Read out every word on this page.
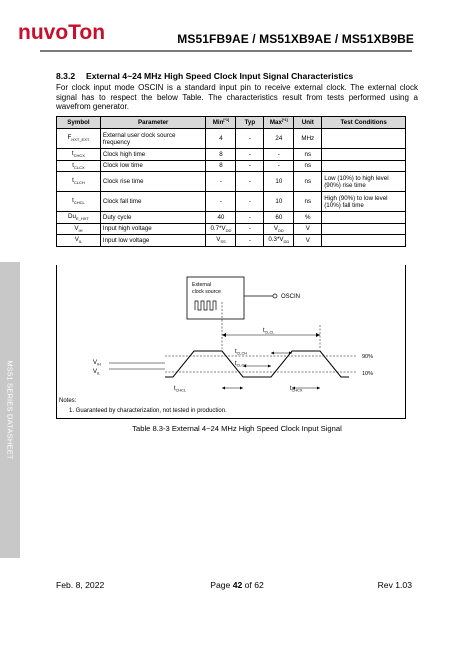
nuvoTon	MS51FB9AE / MS51XB9AE / MS51XB9BE
MS51 SERIES DATASHEET
8.3.2 External 4~24 MHz High Speed Clock Input Signal Characteristics
For clock input mode OSCIN is a standard input pin to receive external clock. The external clock signal has to respect the below Table. The characteristics result from tests performed using a wavefrom generator.
Symbol	Parameter	Min[*1]	Typ	Max[*1]	Unit	Test Conditions
$F_{HXT\_EXT}$	External user clock source frequency	4	-	24	MHz	
$t_{CHCX}$	Clock high time	8	-	-	ns	
$t_{CLCX}$	Clock low time	8	-	-	ns	
$t_{CLCH}$	Clock rise time	-	-	10	ns	Low (10%) to high level (90%) rise time
$t_{CHCL}$	Clock fall time	-	-	10	ns	High (90%) to low level (10%) fall time
$Du_{E\_HXT}$	Duty cycle	40	-	60	%	
$V_{IH}$	Input high voltage	$0.7*V_{DD}$	-	$V_{DD}$	V	
$V_{IL}$	Input low voltage	$V_{SS}$	-	$0.3*V_{DD}$	V	
External
clock source
OSCIN
90%
10%
$V_{IH}$
$V_{IL}$
$t_{CLCL}$
$t_{CLCH}$
$t_{CLCX}$
$t_{CHCL}$	$t_{CHCX}$
Notes:
1. Guaranteed by characterization, not tested in production.
Table 8.3-3 External 4~24 MHz High Speed Clock Input Signal
Feb. 8, 2022	Page 42 of 62	Rev 1.03
